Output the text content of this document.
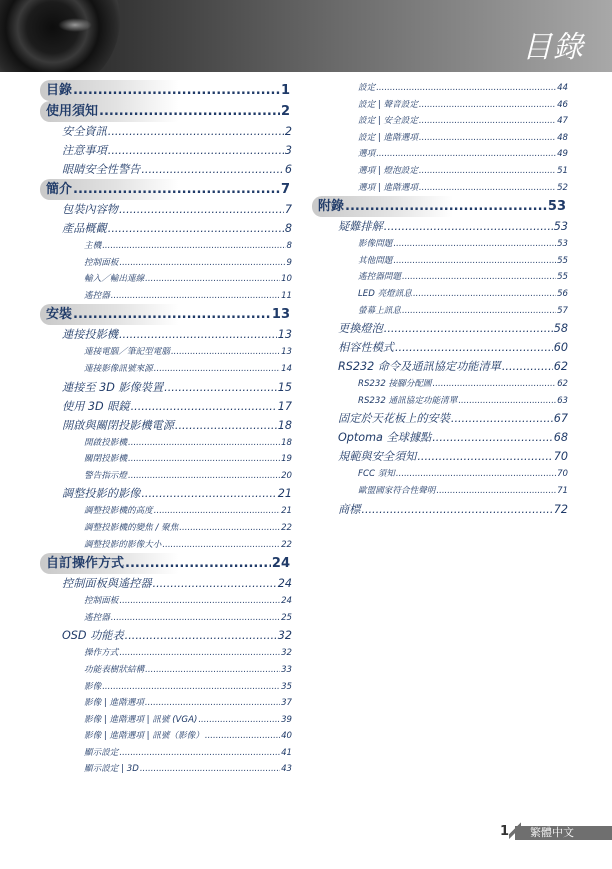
目錄
目錄 .....	1
使用須知 .....	2
安全資訊 .....	2
注意事項 .....	3
眼睛安全性警告 .....	6
簡介 .....	7
包裝內容物 .....	7
產品概觀 .....	8
主機 .....	8
控制面板 .....	9
輸入／輸出連線 .....	10
遙控器 .....	11
安裝 .....	13
連接投影機 .....	13
連接電腦／筆記型電腦 .....	13
連接影像訊號來源 .....	14
連接至 3D 影像裝置 .....	15
使用 3D 眼鏡 .....	17
開啟與關閉投影機電源 .....	18
開啟投影機 .....	18
關閉投影機 .....	19
警告指示燈 .....	20
調整投影的影像 .....	21
調整投影機的高度 .....	21
調整投影機的變焦 / 聚焦 .....	22
調整投影的影像大小 .....	22
自訂操作方式 .....	24
控制面板與遙控器 .....	24
控制面板 .....	24
遙控器 .....	25
OSD 功能表 .....	32
操作方式 .....	32
功能表樹狀結構 .....	33
影像 .....	35
影像 | 進階選項 .....	37
影像 | 進階選項 | 訊號 (VGA) .....	39
影像 | 進階選項 | 訊號（影像） .....	40
顯示設定 .....	41
顯示設定 | 3D .....	43
設定 .....	44
設定 | 聲音設定 .....	46
設定 | 安全設定 .....	47
設定 | 進階選項 .....	48
選項 .....	49
選項 | 燈泡設定 .....	51
選項 | 進階選項 .....	52
附錄 .....	53
疑難排解 .....	53
影像問題 .....	53
其他問題 .....	55
遙控器問題 .....	55
LED 亮燈訊息 .....	56
螢幕上訊息 .....	57
更換燈泡 .....	58
相容性模式 .....	60
RS232 命令及通訊協定功能清單 .....	62
RS232 接腳分配圖 .....	62
RS232 通訊協定功能清單 .....	63
固定於天花板上的安裝 .....	67
Optoma 全球據點 .....	68
規範與安全須知 .....	70
FCC 須知 .....	70
歐盟國家符合性聲明 .....	71
商標 .....	72
1 繁體中文
